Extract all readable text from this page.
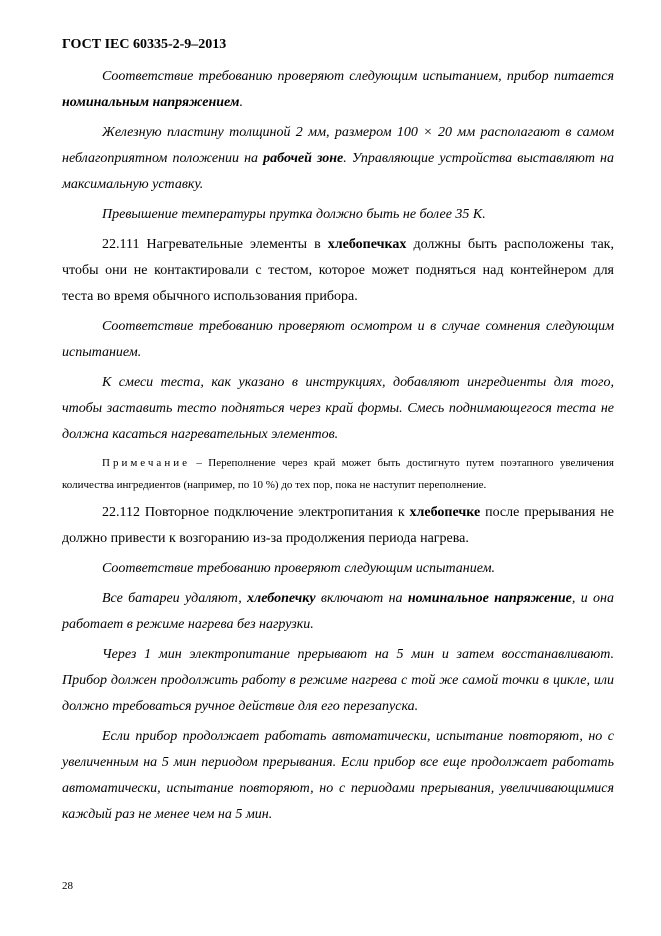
ГОСТ IEC 60335-2-9–2013

Соответствие требованию проверяют следующим испытанием, прибор питается номинальным напряжением.

Железную пластину толщиной 2 мм, размером 100 × 20 мм располагают в самом неблагоприятном положении на рабочей зоне. Управляющие устройства выставляют на максимальную уставку.

Превышение температуры прутка должно быть не более 35 K.

22.111 Нагревательные элементы в хлебопечках должны быть расположены так, чтобы они не контактировали с тестом, которое может подняться над контейнером для теста во время обычного использования прибора.

Соответствие требованию проверяют осмотром и в случае сомнения следующим испытанием.

К смеси теста, как указано в инструкциях, добавляют ингредиенты для того, чтобы заставить тесто подняться через край формы. Смесь поднимающегося теста не должна касаться нагревательных элементов.

Примечание – Переполнение через край может быть достигнуто путем поэтапного увеличения количества ингредиентов (например, по 10 %) до тех пор, пока не наступит переполнение.

22.112 Повторное подключение электропитания к хлебопечке после прерывания не должно привести к возгоранию из-за продолжения периода нагрева.

Соответствие требованию проверяют следующим испытанием.

Все батареи удаляют, хлебопечку включают на номинальное напряжение, и она работает в режиме нагрева без нагрузки.

Через 1 мин электропитание прерывают на 5 мин и затем восстанавливают. Прибор должен продолжить работу в режиме нагрева с той же самой точки в цикле, или должно требоваться ручное действие для его перезапуска.

Если прибор продолжает работать автоматически, испытание повторяют, но с увеличенным на 5 мин периодом прерывания. Если прибор все еще продолжает работать автоматически, испытание повторяют, но с периодами прерывания, увеличивающимися каждый раз не менее чем на 5 мин.

28
